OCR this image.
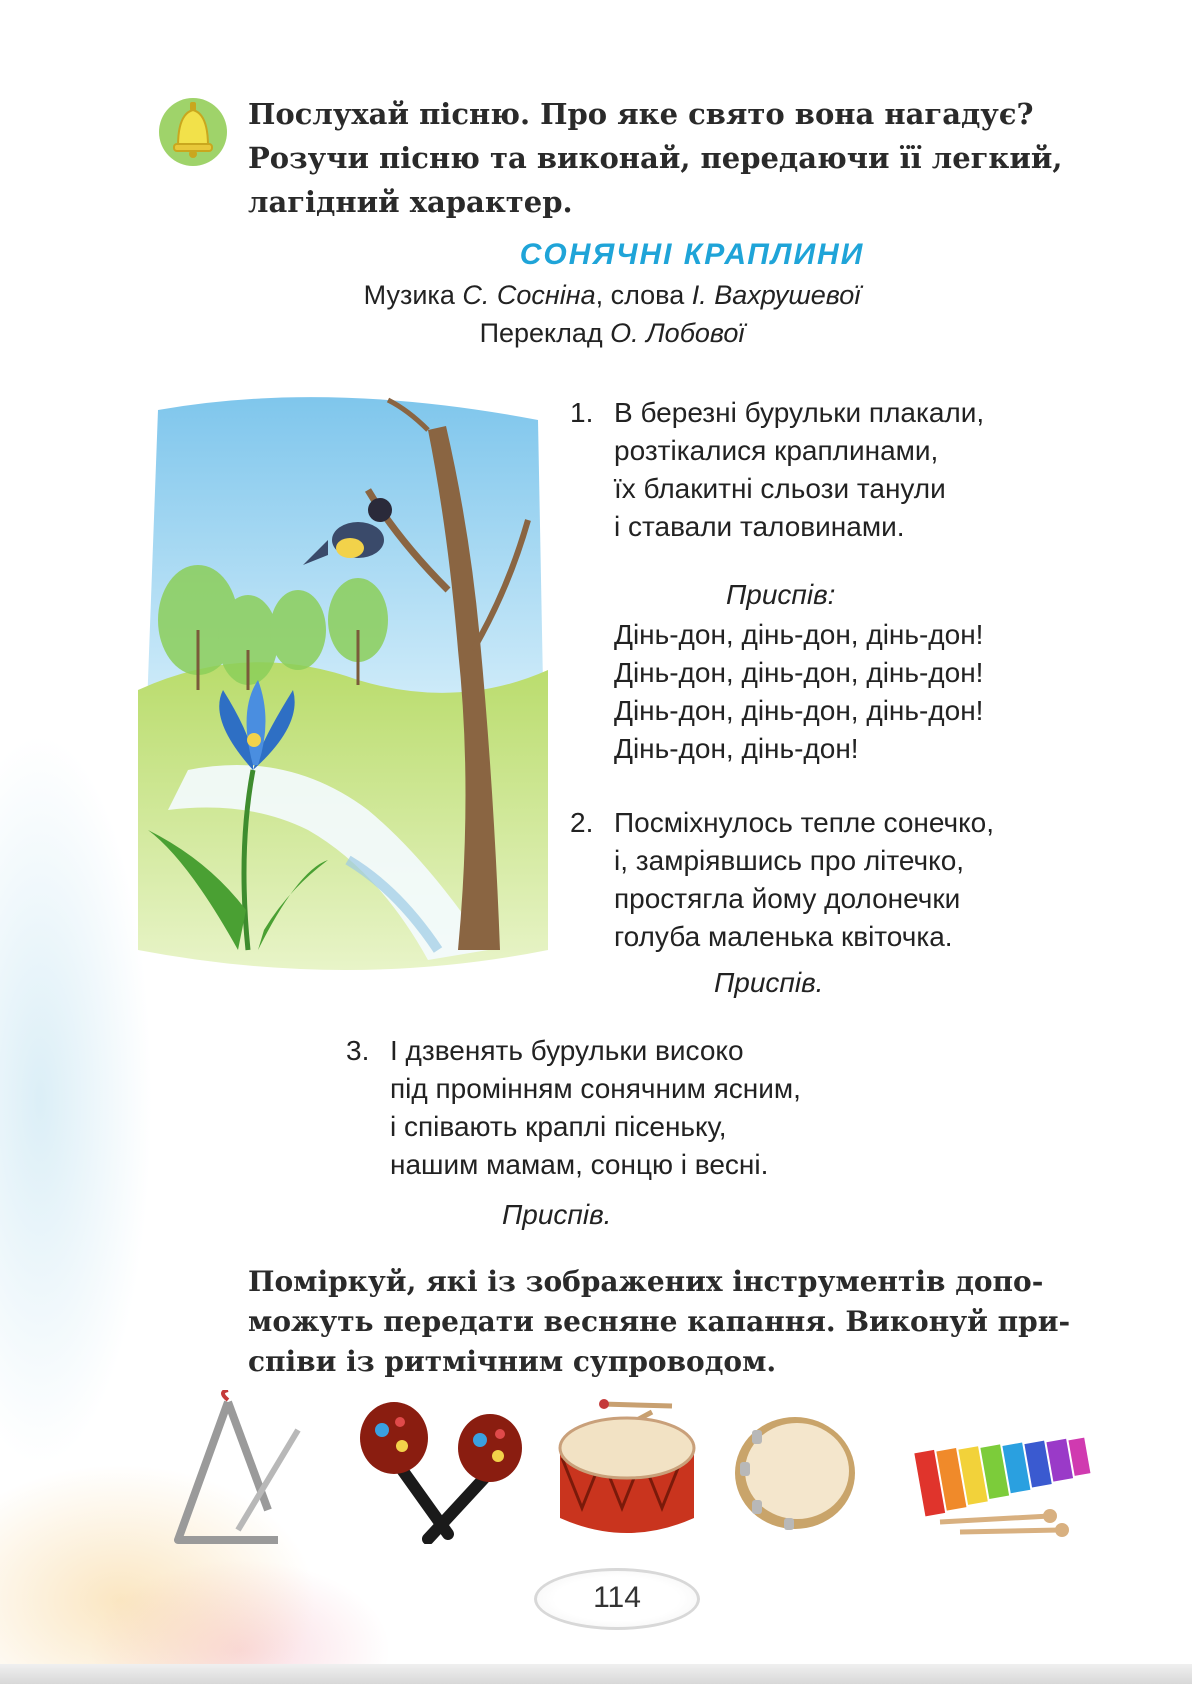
Послухай пісню. Про яке свято вона нагадує?
Розучи пісню та виконай, передаючи її легкий,
лагідний характер.
СОНЯЧНІ КРАПЛИНИ
Музика С. Сосніна, слова І. Вахрушевої
Переклад О. Лобової
1. В березні бурульки плакали,
розтікалися краплинами,
їх блакитні сльози танули
і ставали таловинами.
Приспів:
Дінь-дон, дінь-дон, дінь-дон!
Дінь-дон, дінь-дон, дінь-дон!
Дінь-дон, дінь-дон, дінь-дон!
Дінь-дон, дінь-дон!
2. Посміхнулось тепле сонечко,
і, замріявшись про літечко,
простягла йому долонечки
голуба маленька квіточка.
Приспів.
3. І дзвенять бурульки високо
під промінням сонячним ясним,
і співають краплі пісеньку,
нашим мамам, сонцю і весні.
Приспів.
Поміркуй, які із зображених інструментів допо-
можуть передати весняне капання. Виконуй при-
співи із ритмічним супроводом.
114
